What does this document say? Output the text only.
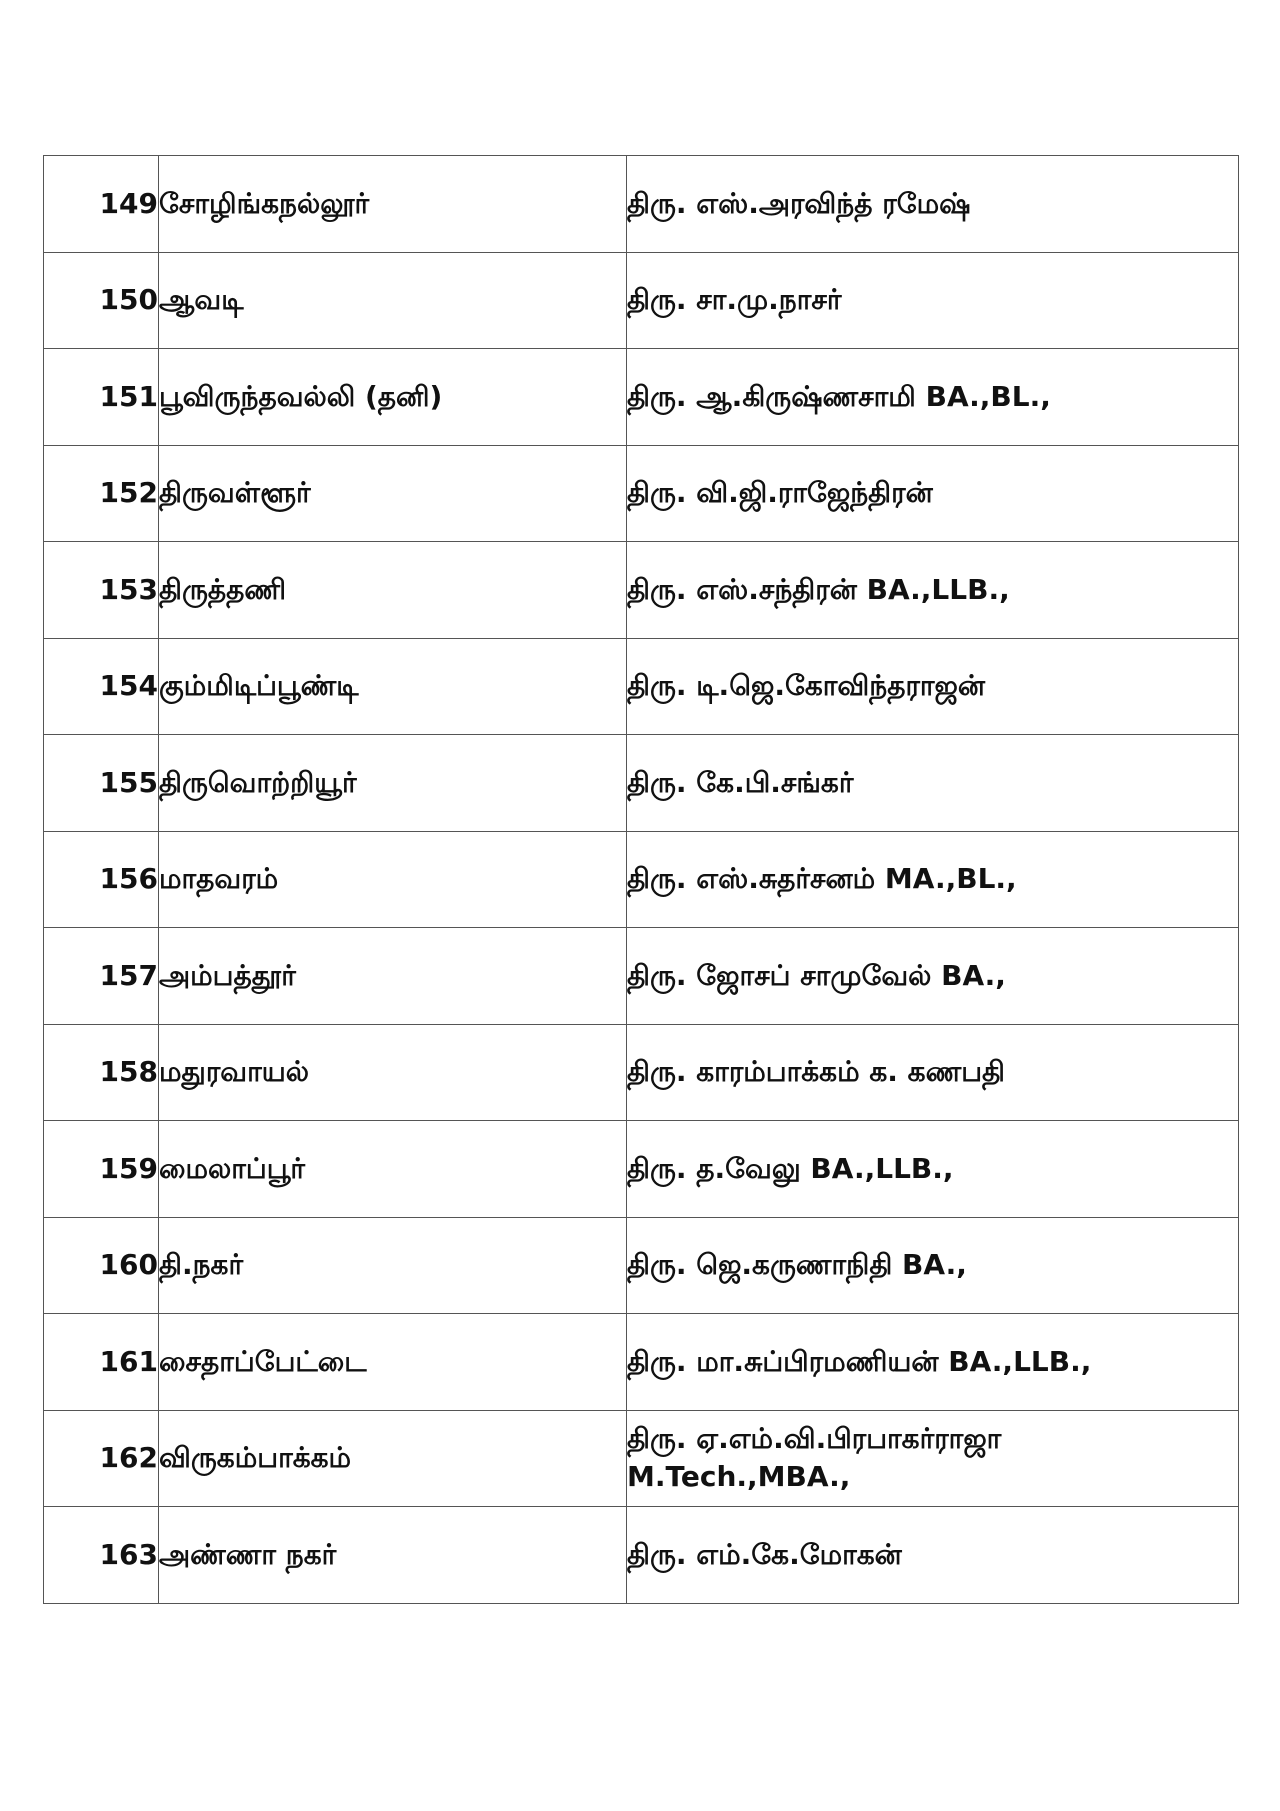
149	சோழிங்கநல்லூர்	திரு. எஸ்.அரவிந்த் ரமேஷ்

150	ஆவடி	திரு. சா.மு.நாசர்

151	பூவிருந்தவல்லி (தனி)	திரு. ஆ.கிருஷ்ணசாமி BA.,BL.,

152	திருவள்ளூர்	திரு. வி.ஜி.ராஜேந்திரன்

153	திருத்தணி	திரு. எஸ்.சந்திரன் BA.,LLB.,

154	கும்மிடிப்பூண்டி	திரு. டி.ஜெ.கோவிந்தராஜன்

155	திருவொற்றியூர்	திரு. கே.பி.சங்கர்

156	மாதவரம்	திரு. எஸ்.சுதர்சனம் MA.,BL.,

157	அம்பத்தூர்	திரு. ஜோசப் சாமுவேல் BA.,

158	மதுரவாயல்	திரு. காரம்பாக்கம் க. கணபதி

159	மைலாப்பூர்	திரு. த.வேலு BA.,LLB.,

160	தி.நகர்	திரு. ஜெ.கருணாநிதி BA.,

161	சைதாப்பேட்டை	திரு. மா.சுப்பிரமணியன் BA.,LLB.,

162	விருகம்பாக்கம்	திரு. ஏ.எம்.வி.பிரபாகர்ராஜா
M.Tech.,MBA.,

163	அண்ணா நகர்	திரு. எம்.கே.மோகன்
